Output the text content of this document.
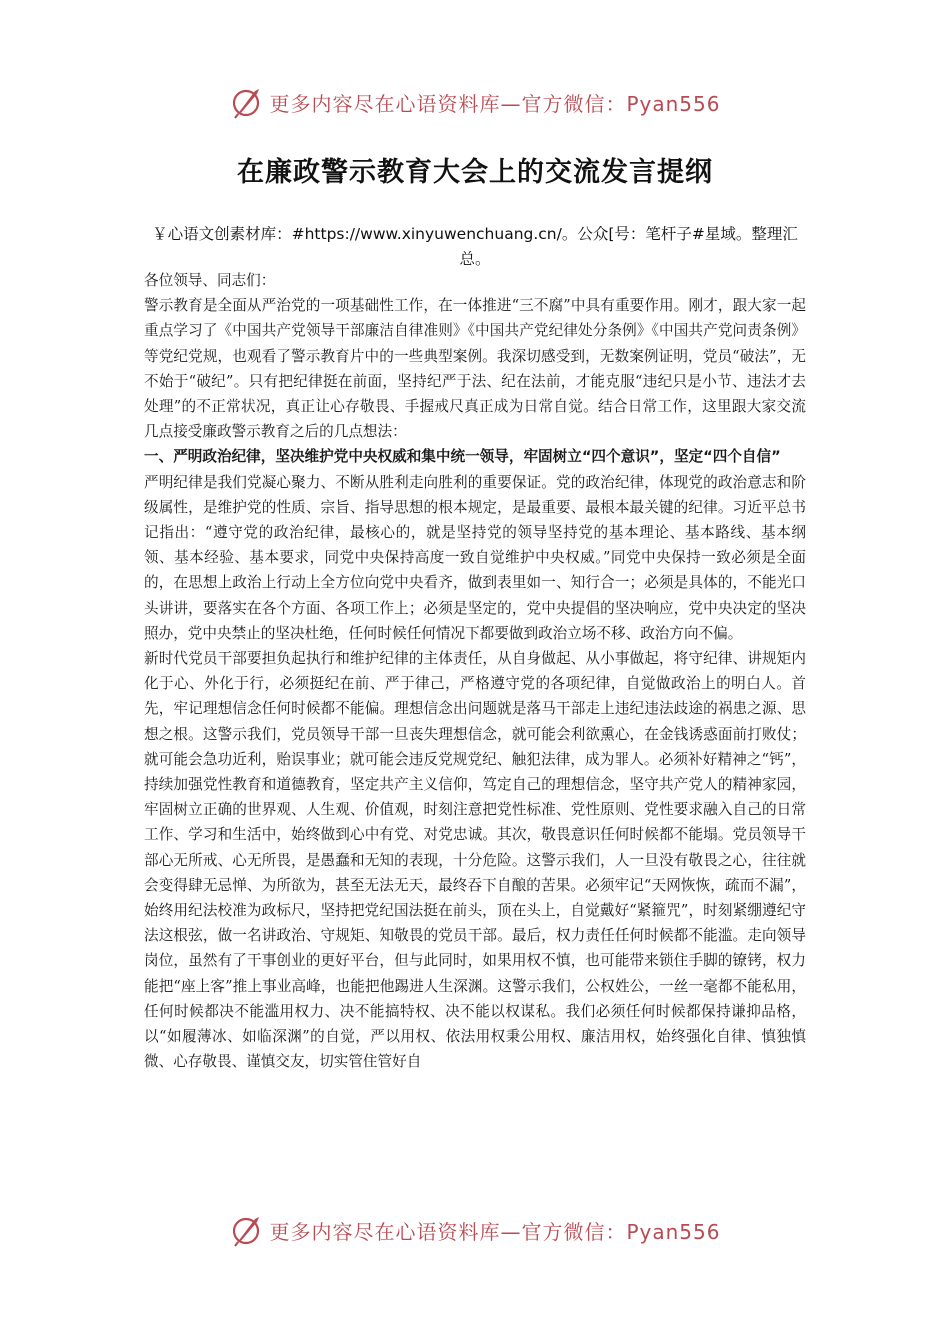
更多内容尽在心语资料库—官方微信：Pyan556
在廉政警示教育大会上的交流发言提纲
￥心语文创素材库：#https://www.xinyuwenchuang.cn/。公众[号：笔杆子#星域。整理汇总。

各位领导、同志们：

警示教育是全面从严治党的一项基础性工作，在一体推进“三不腐”中具有重要作用。刚才，跟大家一起重点学习了《中国共产党领导干部廉洁自律准则》《中国共产党纪律处分条例》《中国共产党问责条例》等党纪党规，也观看了警示教育片中的一些典型案例。我深切感受到，无数案例证明，党员“破法”，无不始于“破纪”。只有把纪律挺在前面，坚持纪严于法、纪在法前，才能克服“违纪只是小节、违法才去处理”的不正常状况，真正让心存敬畏、手握戒尺真正成为日常自觉。结合日常工作，这里跟大家交流几点接受廉政警示教育之后的几点想法：

一、严明政治纪律，坚决维护党中央权威和集中统一领导，牢固树立“四个意识”，坚定“四个自信”

严明纪律是我们党凝心聚力、不断从胜利走向胜利的重要保证。党的政治纪律，体现党的政治意志和阶级属性，是维护党的性质、宗旨、指导思想的根本规定，是最重要、最根本最关键的纪律。习近平总书记指出：“遵守党的政治纪律，最核心的，就是坚持党的领导坚持党的基本理论、基本路线、基本纲领、基本经验、基本要求，同党中央保持高度一致自觉维护中央权威。”同党中央保持一致必须是全面的，在思想上政治上行动上全方位向党中央看齐，做到表里如一、知行合一；必须是具体的，不能光口头讲讲，要落实在各个方面、各项工作上；必须是坚定的，党中央提倡的坚决响应，党中央决定的坚决照办，党中央禁止的坚决杜绝，任何时候任何情况下都要做到政治立场不移、政治方向不偏。

新时代党员干部要担负起执行和维护纪律的主体责任，从自身做起、从小事做起，将守纪律、讲规矩内化于心、外化于行，必须挺纪在前、严于律己，严格遵守党的各项纪律，自觉做政治上的明白人。首先，牢记理想信念任何时候都不能偏。理想信念出问题就是落马干部走上违纪违法歧途的祸患之源、思想之根。这警示我们，党员领导干部一旦丧失理想信念，就可能会利欲熏心，在金钱诱惑面前打败仗；就可能会急功近利，贻误事业；就可能会违反党规党纪、触犯法律，成为罪人。必须补好精神之“钙”，持续加强党性教育和道德教育，坚定共产主义信仰，笃定自己的理想信念，坚守共产党人的精神家园，牢固树立正确的世界观、人生观、价值观，时刻注意把党性标准、党性原则、党性要求融入自己的日常工作、学习和生活中，始终做到心中有党、对党忠诚。其次，敬畏意识任何时候都不能塌。党员领导干部心无所戒、心无所畏，是愚蠢和无知的表现，十分危险。这警示我们，人一旦没有敬畏之心，往往就会变得肆无忌惮、为所欲为，甚至无法无天，最终吞下自酿的苦果。必须牢记“天网恢恢，疏而不漏”，始终用纪法校准为政标尺，坚持把党纪国法挺在前头，顶在头上，自觉戴好“紧箍咒”，时刻紧绷遵纪守法这根弦，做一名讲政治、守规矩、知敬畏的党员干部。最后，权力责任任何时候都不能滥。走向领导岗位，虽然有了干事创业的更好平台，但与此同时，如果用权不慎，也可能带来锁住手脚的镣铐，权力能把“座上客”推上事业高峰，也能把他踢进人生深渊。这警示我们，公权姓公，一丝一毫都不能私用，任何时候都决不能滥用权力、决不能搞特权、决不能以权谋私。我们必须任何时候都保持谦抑品格，以“如履薄冰、如临深渊”的自觉，严以用权、依法用权秉公用权、廉洁用权，始终强化自律、慎独慎微、心存敬畏、谨慎交友，切实管住管好自

更多内容尽在心语资料库—官方微信：Pyan556
